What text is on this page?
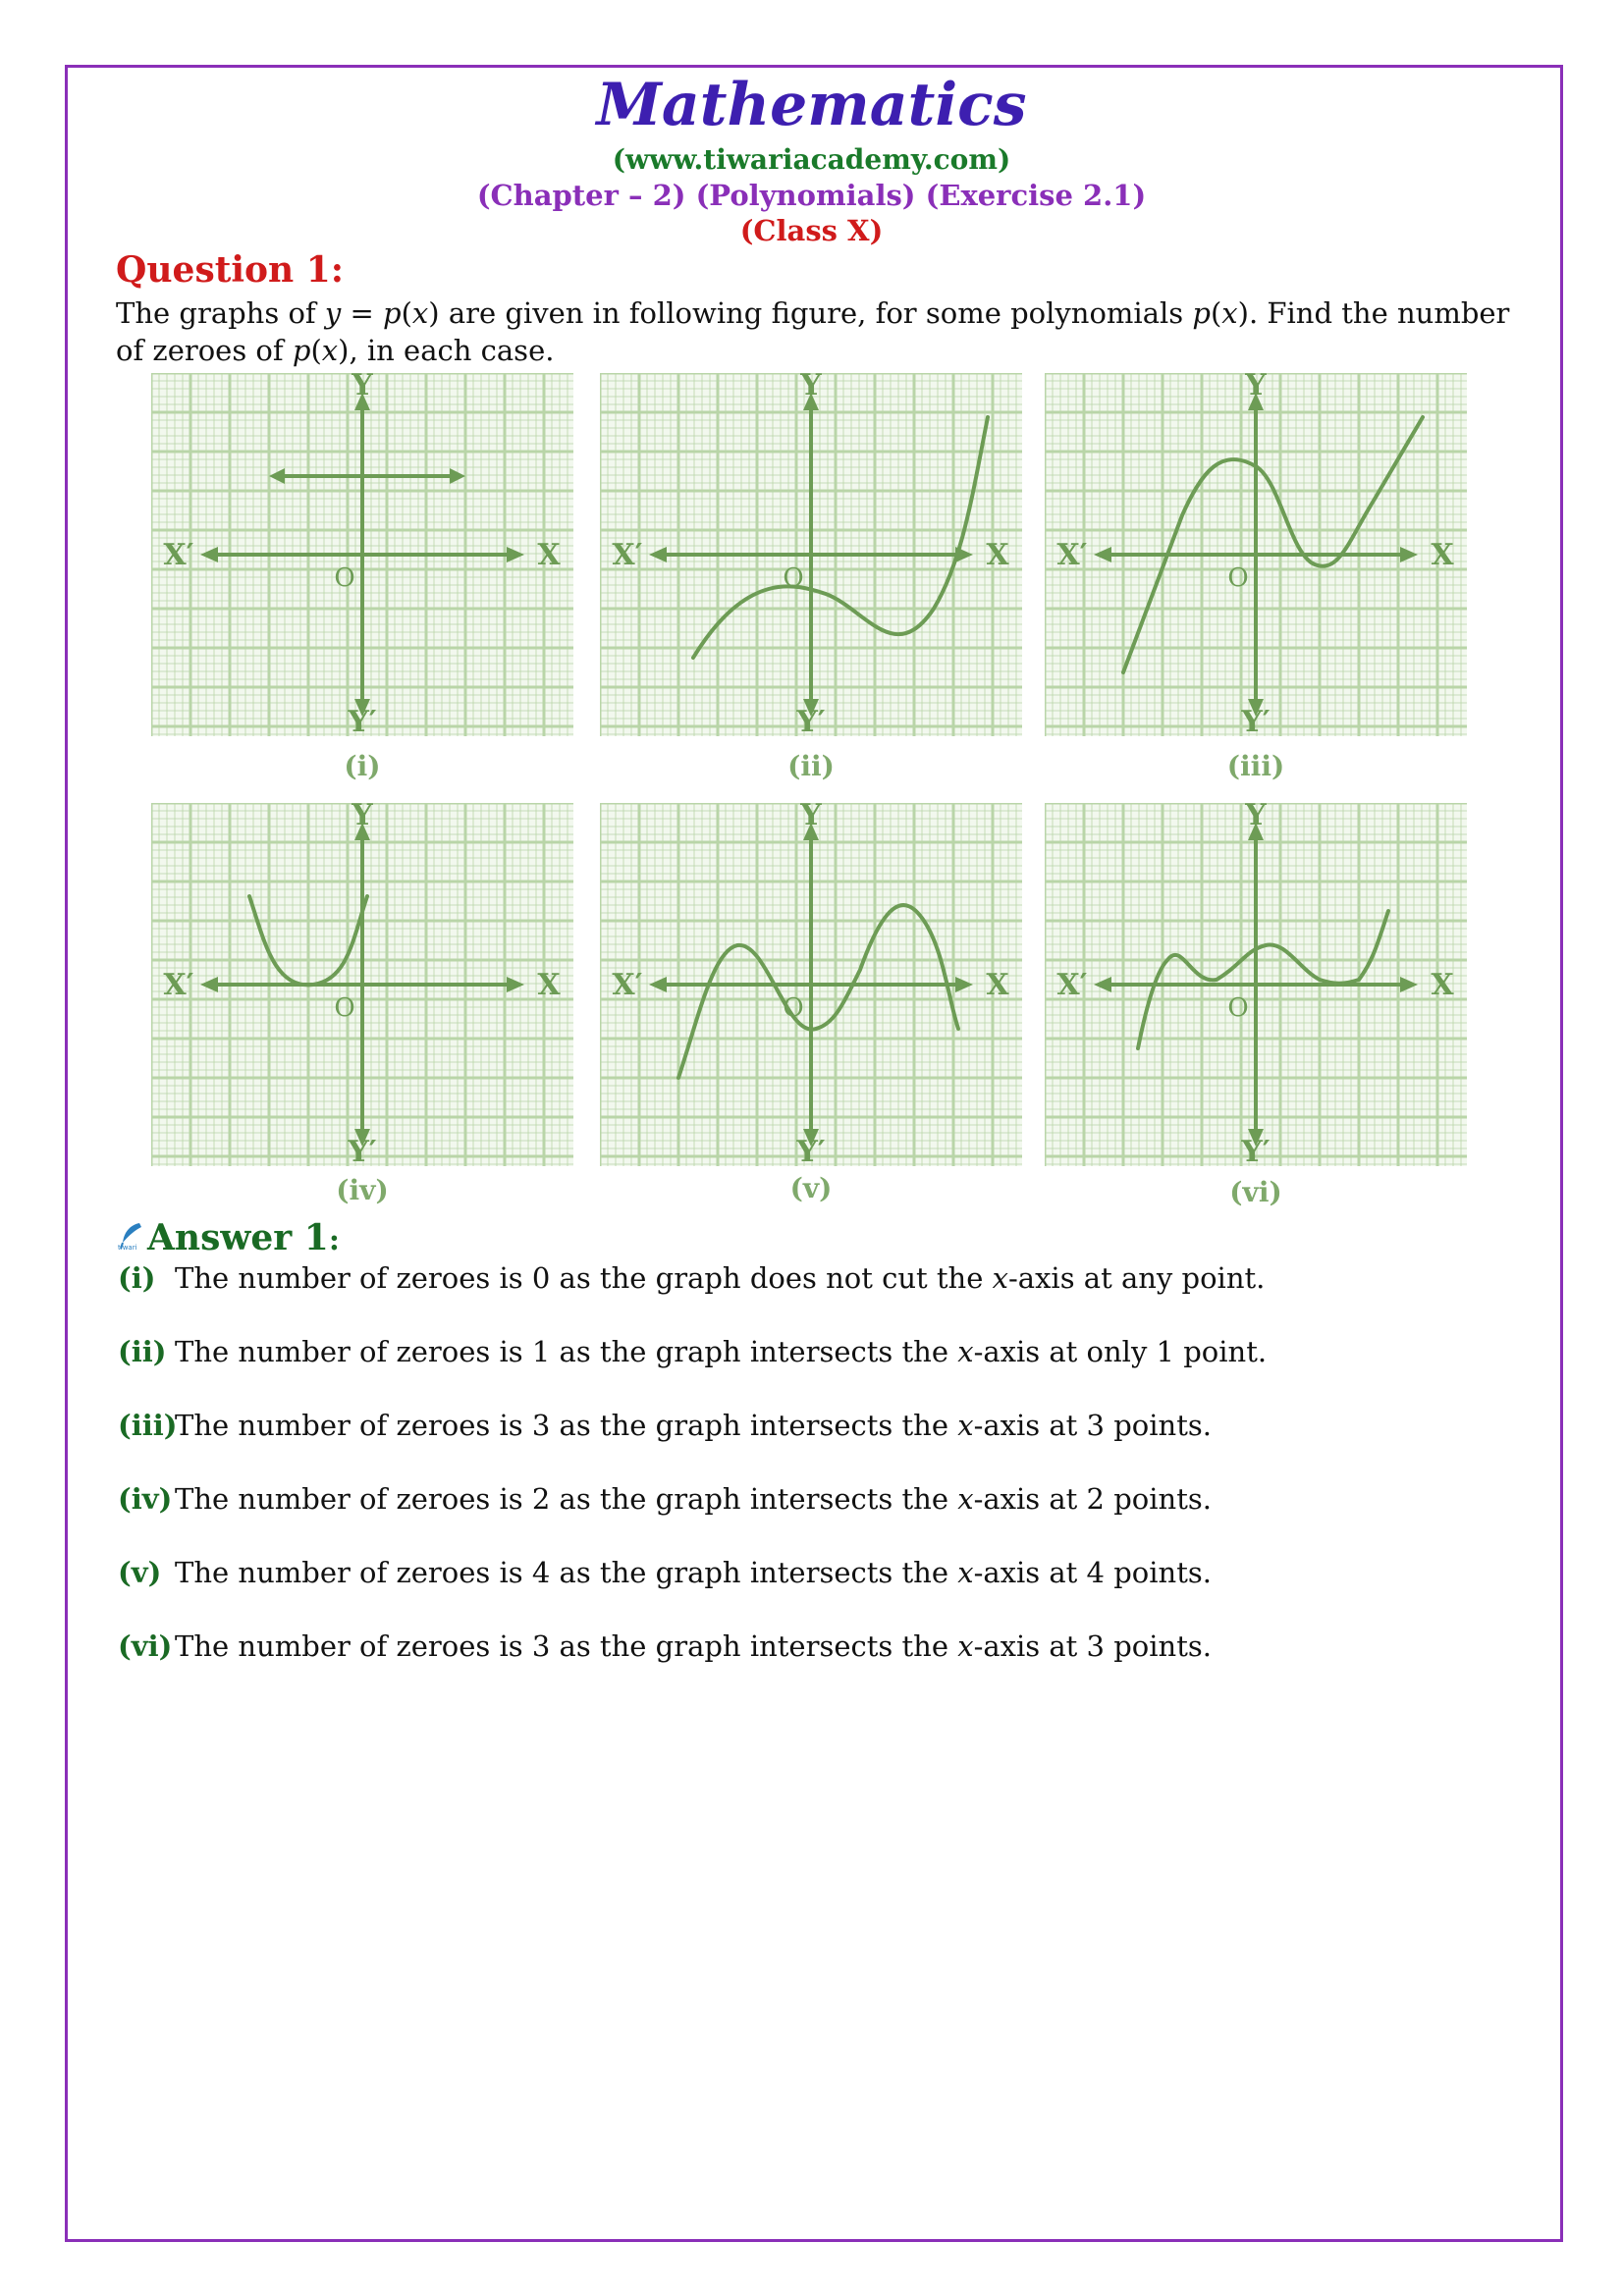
Mathematics
(www.tiwariacademy.com)
(Chapter – 2) (Polynomials) (Exercise 2.1)
(Class X)
Question 1:
The graphs of y = p(x) are given in following figure, for some polynomials p(x). Find the number of zeroes of p(x), in each case.
X
X′
Y
Y′
O
X
X′
Y
Y′
O
X
X′
Y
Y′
O
X
X′
Y
Y′
O
X
X′
Y
Y′
O
X
X′
Y
Y′
O
(i)	(ii)	(iii)
(iv)	(v)	(vi)
tiwari Answer 1:
(i) The number of zeroes is 0 as the graph does not cut the x-axis at any point.
(ii) The number of zeroes is 1 as the graph intersects the x-axis at only 1 point.
(iii)The number of zeroes is 3 as the graph intersects the x-axis at 3 points.
(iv)The number of zeroes is 2 as the graph intersects the x-axis at 2 points.
(v) The number of zeroes is 4 as the graph intersects the x-axis at 4 points.
(vi)The number of zeroes is 3 as the graph intersects the x-axis at 3 points.
